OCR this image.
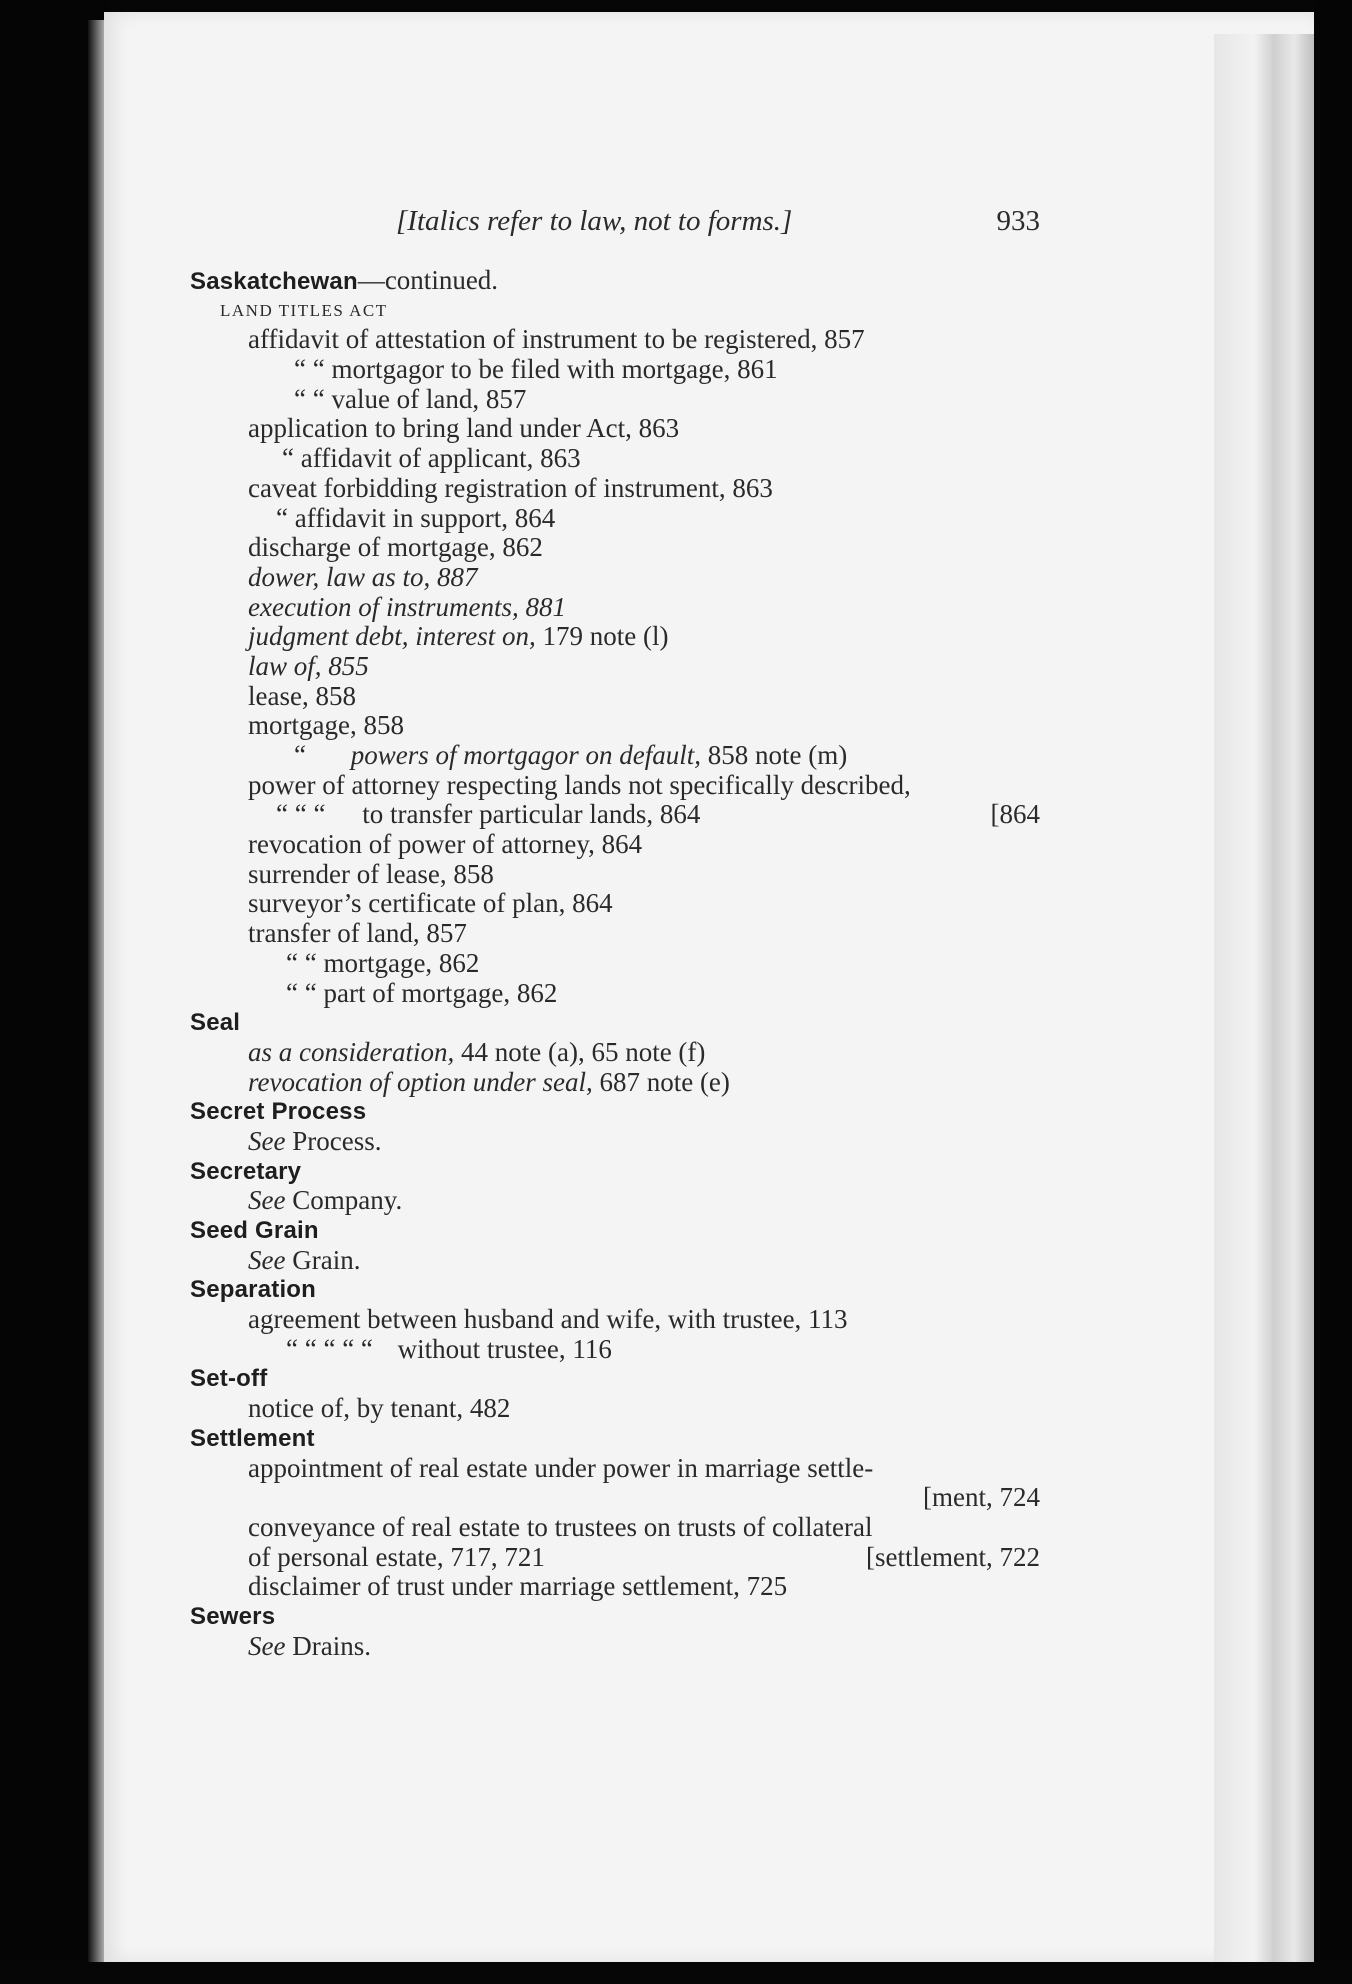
[Italics refer to law, not to forms.]	933
Saskatchewan—continued.
LAND TITLES ACT
affidavit of attestation of instrument to be registered, 857
“ “ mortgagor to be filed with mortgage, 861
“ “ value of land, 857
application to bring land under Act, 863
“ affidavit of applicant, 863
caveat forbidding registration of instrument, 863
“ affidavit in support, 864
discharge of mortgage, 862
dower, law as to, 887
execution of instruments, 881
judgment debt, interest on, 179 note (l)
law of, 855
lease, 858
mortgage, 858
“ powers of mortgagor on default, 858 note (m)
power of attorney respecting lands not specifically described,
“ “ “ to transfer particular lands, 864	[864
revocation of power of attorney, 864
surrender of lease, 858
surveyor’s certificate of plan, 864
transfer of land, 857
“ “ mortgage, 862
“ “ part of mortgage, 862
Seal
as a consideration, 44 note (a), 65 note (f)
revocation of option under seal, 687 note (e)
Secret Process
See Process.
Secretary
See Company.
Seed Grain
See Grain.
Separation
agreement between husband and wife, with trustee, 113
“ “ “ “ “ without trustee, 116
Set-off
notice of, by tenant, 482
Settlement
appointment of real estate under power in marriage settle-
[ment, 724
conveyance of real estate to trustees on trusts of collateral
of personal estate, 717, 721	[settlement, 722
disclaimer of trust under marriage settlement, 725
Sewers
See Drains.
